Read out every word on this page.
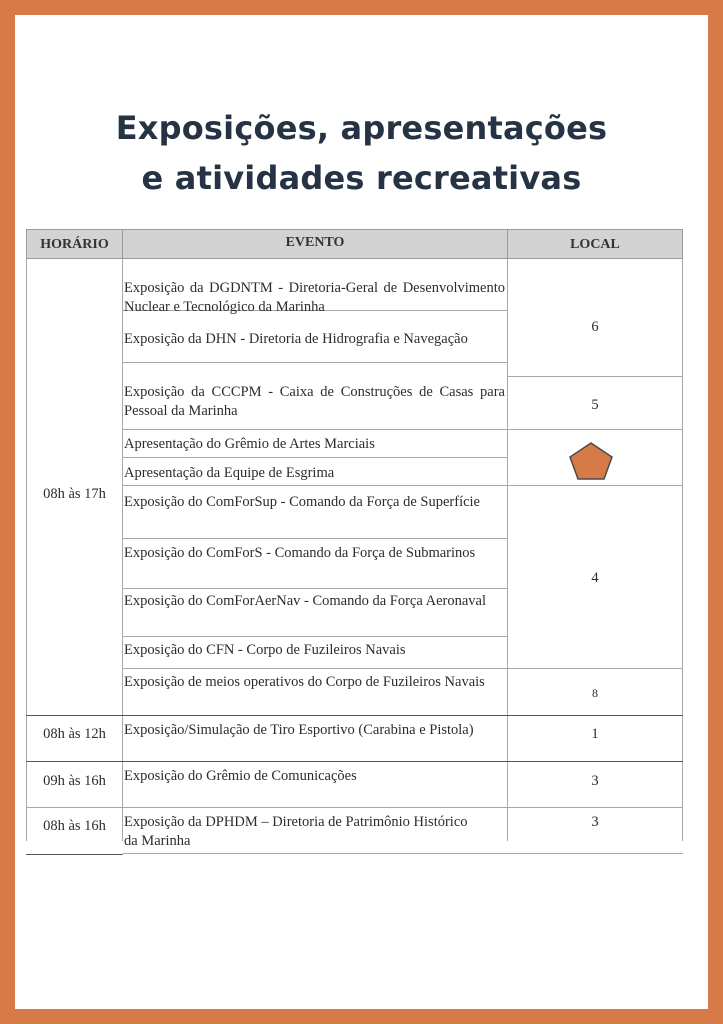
Exposições, apresentações
e atividades recreativas
HORÁRIO	EVENTO	LOCAL
08h às 17h
08h às 12h
09h às 16h
08h às 16h
Exposição da DGDNTM - Diretoria-Geral de Desenvolvimento Nuclear e Tecnológico da Marinha
Exposição da DHN - Diretoria de Hidrografia e Navegação
Exposição da CCCPM - Caixa de Construções de Casas para Pessoal da Marinha
Apresentação do Grêmio de Artes Marciais
Apresentação da Equipe de Esgrima
Exposição do ComForSup - Comando da Força de Superfície
Exposição do ComForS - Comando da Força de Submarinos
Exposição do ComForAerNav - Comando da Força Aeronaval
Exposição do CFN - Corpo de Fuzileiros Navais
Exposição de meios operativos do Corpo de Fuzileiros Navais
Exposição/Simulação de Tiro Esportivo (Carabina e Pistola)
Exposição do Grêmio de Comunicações
Exposição da DPHDM – Diretoria de Patrimônio Histórico da Marinha
6
5
4
8
1
3
3
